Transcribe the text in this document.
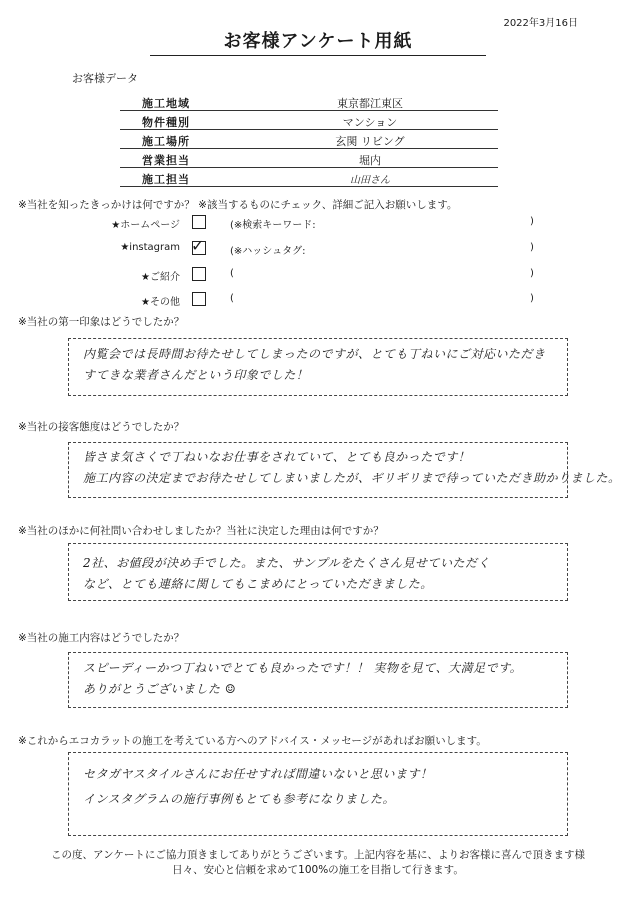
2022年3月16日
お客様アンケート用紙
お客様データ
施工地域	東京都江東区
物件種別	マンション
施工場所	玄関 リビング
営業担当	堀内
施工担当	山田さん
※当社を知ったきっかけは何ですか？ ※該当するものにチェック、詳細ご記入お願いします。
★ホームページ	(※検索キーワード:	)
★instagram ✓	(※ハッシュタグ:	)
★ご紹介	(	)
★その他	(	)
※当社の第一印象はどうでしたか？
内覧会では長時間お待たせしてしまったのですが、とても丁ねいにご対応いただき
すてきな業者さんだという印象でした！
※当社の接客態度はどうでしたか？
皆さま気さくで丁ねいなお仕事をされていて、とても良かったです！
施工内容の決定までお待たせしてしまいましたが、ギリギリまで待っていただき助かりました。
※当社のほかに何社問い合わせしましたか？当社に決定した理由は何ですか？
2社、お値段が決め手でした。また、サンプルをたくさん見せていただく
など、とても連絡に関してもこまめにとっていただきました。
※当社の施工内容はどうでしたか？
スピーディーかつ丁ねいでとても良かったです！！ 実物を見て、大満足です。
ありがとうございました ☺
※これからエコカラットの施工を考えている方へのアドバイス・メッセージがあればお願いします。
セタガヤスタイルさんにお任せすれば間違いないと思います！
インスタグラムの施行事例もとても参考になりました。
この度、アンケートにご協力頂きましてありがとうございます。上記内容を基に、よりお客様に喜んで頂きます様
日々、安心と信頼を求めて100%の施工を目指して行きます。
